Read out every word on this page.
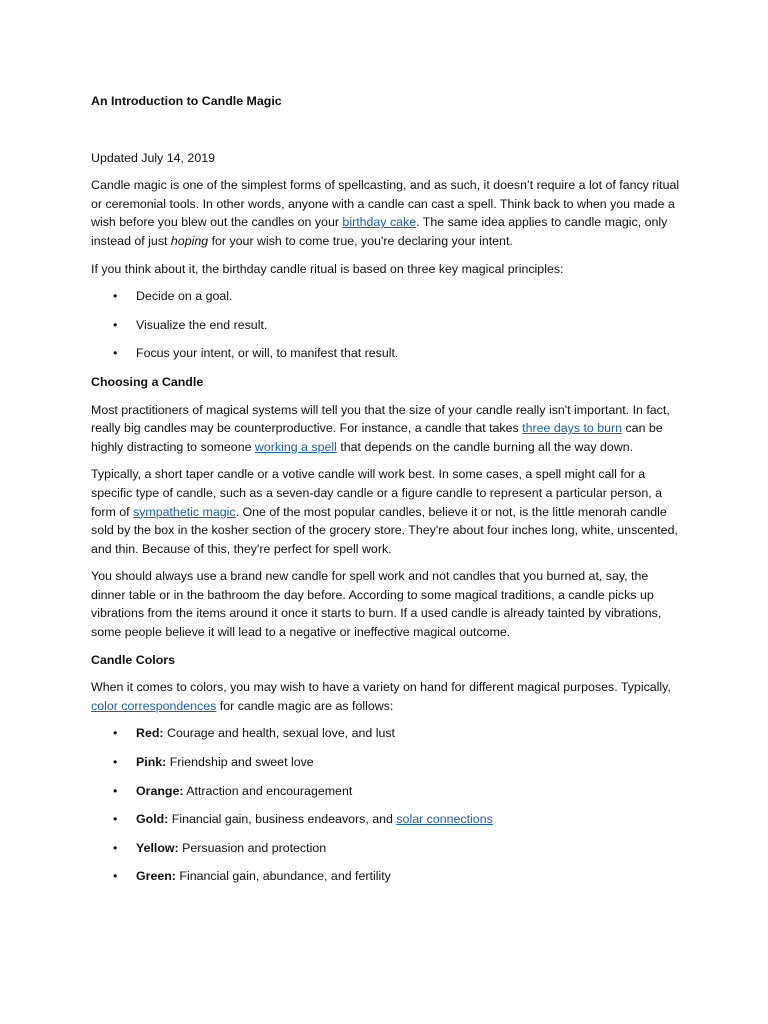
An Introduction to Candle Magic

Updated July 14, 2019

Candle magic is one of the simplest forms of spellcasting, and as such, it doesn’t require a lot of fancy ritual or ceremonial tools. In other words, anyone with a candle can cast a spell. Think back to when you made a wish before you blew out the candles on your birthday cake. The same idea applies to candle magic, only instead of just hoping for your wish to come true, you're declaring your intent.

If you think about it, the birthday candle ritual is based on three key magical principles:

• Decide on a goal.
• Visualize the end result.
• Focus your intent, or will, to manifest that result.
Choosing a Candle

Most practitioners of magical systems will tell you that the size of your candle really isn't important. In fact, really big candles may be counterproductive. For instance, a candle that takes three days to burn can be highly distracting to someone working a spell that depends on the candle burning all the way down.

Typically, a short taper candle or a votive candle will work best. In some cases, a spell might call for a specific type of candle, such as a seven-day candle or a figure candle to represent a particular person, a form of sympathetic magic. One of the most popular candles, believe it or not, is the little menorah candle sold by the box in the kosher section of the grocery store. They're about four inches long, white, unscented, and thin. Because of this, they're perfect for spell work.

You should always use a brand new candle for spell work and not candles that you burned at, say, the dinner table or in the bathroom the day before. According to some magical traditions, a candle picks up vibrations from the items around it once it starts to burn. If a used candle is already tainted by vibrations, some people believe it will lead to a negative or ineffective magical outcome.

Candle Colors

When it comes to colors, you may wish to have a variety on hand for different magical purposes. Typically, color correspondences for candle magic are as follows:

• Red: Courage and health, sexual love, and lust
• Pink: Friendship and sweet love
• Orange: Attraction and encouragement
• Gold: Financial gain, business endeavors, and solar connections
• Yellow: Persuasion and protection
• Green: Financial gain, abundance, and fertility
